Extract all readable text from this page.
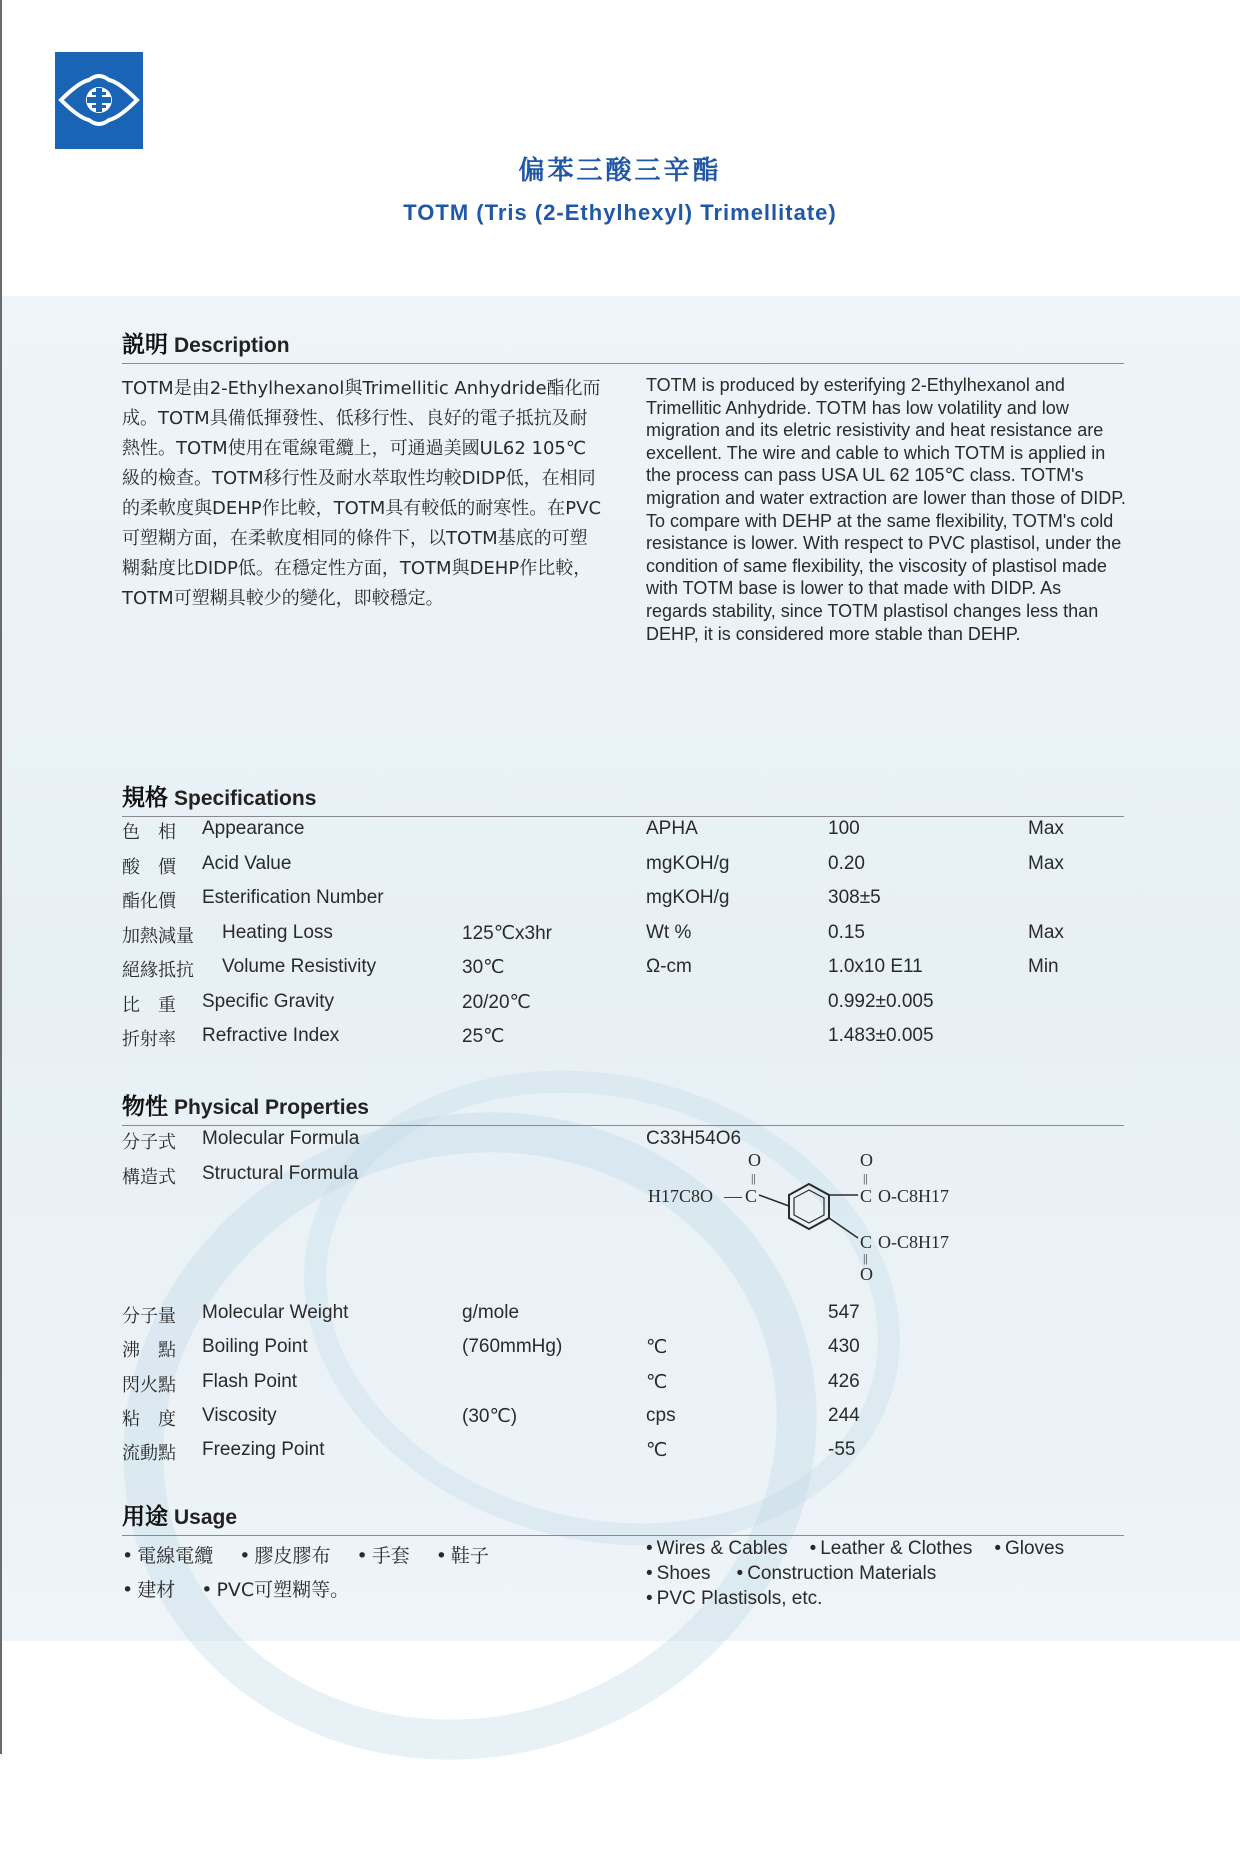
偏苯三酸三辛酯
TOTM (Tris (2-Ethylhexyl) Trimellitate)
説明 Description
TOTM是由2-Ethylhexanol與Trimellitic Anhydride酯化而成。TOTM具備低揮發性、低移行性、良好的電子抵抗及耐熱性。TOTM使用在電線電纜上，可通過美國UL62 105℃級的檢查。TOTM移行性及耐水萃取性均較DIDP低，在相同的柔軟度與DEHP作比較，TOTM具有較低的耐寒性。在PVC可塑糊方面，在柔軟度相同的條件下，以TOTM基底的可塑糊黏度比DIDP低。在穩定性方面，TOTM與DEHP作比較，TOTM可塑糊具較少的變化，即較穩定。
TOTM is produced by esterifying 2-Ethylhexanol and Trimellitic Anhydride. TOTM has low volatility and low migration and its eletric resistivity and heat resistance are excellent. The wire and cable to which TOTM is applied in the process can pass USA UL 62 105℃ class. TOTM's migration and water extraction are lower than those of DIDP. To compare with DEHP at the same flexibility, TOTM's cold resistance is lower. With respect to PVC plastisol, under the condition of same flexibility, the viscosity of plastisol made with TOTM base is lower to that made with DIDP. As regards stability, since TOTM plastisol changes less than DEHP, it is considered more stable than DEHP.
規格 Specifications
色　相 Appearance	APHA	100	Max
酸　價 Acid Value	mgKOH/g	0.20	Max
酯化價 Esterification Number	mgKOH/g	308±5
加熱減量 Heating Loss	125℃x3hr	Wt %	0.15	Max
絕緣抵抗 Volume Resistivity	30℃	Ω-cm	1.0x10 E11	Min
比　重 Specific Gravity	20/20℃	0.992±0.005
折射率 Refractive Index	25℃	1.483±0.005
物性 Physical Properties
分子式 Molecular Formula	C33H54O6
構造式 Structural Formula
O
||
O
||
H17C8O — C	C O-C8H17
C O-C8H17
||
O
分子量 Molecular Weight	g/mole	547
沸　點 Boiling Point	(760mmHg)	℃	430
閃火點 Flash Point	℃	426
粘　度 Viscosity	(30℃)	cps	244
流動點 Freezing Point	℃	-55
用途 Usage
• 電線電纜 • 膠皮膠布 • 手套 • 鞋子
• 建材 • PVC可塑糊等。
• Wires & Cables • Leather & Clothes • Gloves
• Shoes • Construction Materials
• PVC Plastisols, etc.
